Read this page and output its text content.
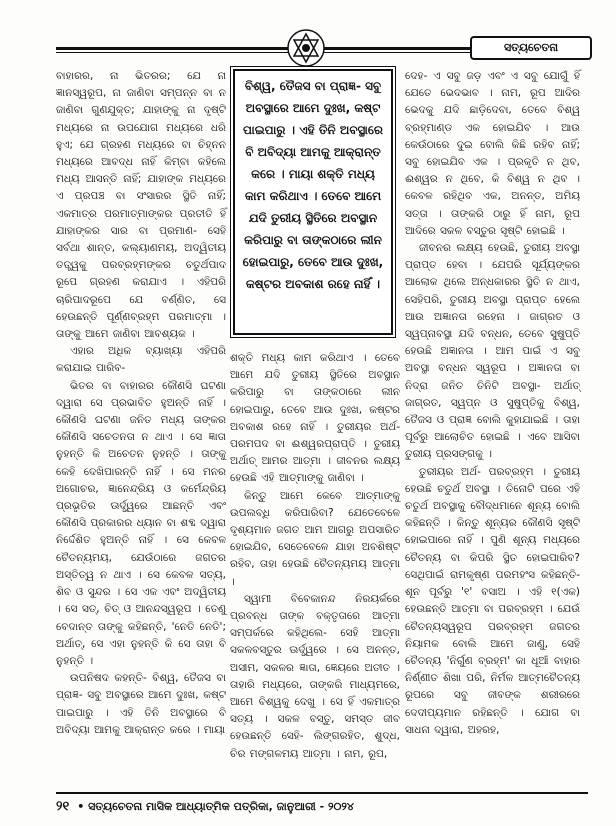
ସତ୍ୟଚେତନା
ବିଶ୍ୱ, ତୈଜସ ବା ପ୍ରାଜ୍ଞ- ସବୁ ଅବସ୍ଥାରେ ଆମେ ଦୁଃଖ, କଷ୍ଟ ପାଇପାରୁ । ଏହି ତିନି ଅବସ୍ଥାରେ ବି ଅବିଦ୍ୟା ଆମକୁ ଆକ୍ରାନ୍ତ କରେ । ମାୟା ଶକ୍ତି ମଧ୍ୟ କାମ କରିଥାଏ । ତେବେ ଆମେ ଯଦି ତୁରୀୟ ସ୍ଥିତିରେ ଅବସ୍ଥାନ କରିପାରୁ ବା ତାଙ୍କଠାରେ ଲୀନ ହୋଇପାରୁ, ତେବେ ଆଉ ଦୁଃଖ, କଷ୍ଟର ଅବକାଶ ରହେ ନାହିଁ ।

ବାହାରର, ନା ଭିତରର; ଯେ ନା ଜ୍ଞାନସ୍ୱରୂପ, ନା ଜାଣିବା ସମ୍ପନ୍ନ ବା ନ ଜାଣିବା ଗୁଣଯୁକ୍ତ; ଯାହାଙ୍କୁ ନା ଦୃଷ୍ଟି ମଧ୍ୟରେ ନା ଉପଯୋଗ ମଧ୍ୟରେ ଧରି ହୁଏ; ଯେ ଗ୍ରହଣ ମଧ୍ୟରେ ବା ଚିହ୍ନନ ମଧ୍ୟରେ ଆବଦ୍ଧ ନାହିଁ କିମ୍ବା କହିଲେ ମଧ୍ୟ ଆସନ୍ତି ନାହିଁ; ଯାହାଙ୍କ ମଧ୍ୟରେ ଏ ପ୍ରପଞ୍ଚ ବା ସଂସାରର ସ୍ଥିତି ନାହିଁ; ଏକମାତ୍ର ପରମାତ୍ମାଙ୍କର ପ୍ରତୀତି ହିଁ ଯାହାଙ୍କର ସାର ବା ପ୍ରମାଣ- ସେହି ସର୍ବଥା ଶାନ୍ତ, କଲ୍ୟାଣମୟ, ଅଦ୍ୱିତୀୟ ତତ୍ତ୍ୱକୁ ପରବ୍ରହ୍ମଙ୍କର ଚତୁର୍ଥପାଦ ରୂପେ ଗ୍ରହଣ କରାଯାଏ । ଏହିପରି ଚାରିପାଦରୂପେ ଯେ ବର୍ଣ୍ଣିତ, ସେ ହେଉଛନ୍ତି ପୂର୍ଣ୍ଣବ୍ରହ୍ମ ପରମାତ୍ମା । ତାଙ୍କୁ ଆମେ ଜାଣିବା ଆବଶ୍ୟକ ।

ଏହାର ଅଧିକ ବ୍ୟାଖ୍ୟା ଏହିପରି କରାଯାଇ ପାରିବ-

ଭିତର ବା ବାହାରର କୌଣସି ଘଟଣା ଦ୍ୱାରା ସେ ପ୍ରଭାବିତ ହୁଅନ୍ତି ନାହିଁ । କୌଣସି ଘଟଣା ଜନିତ ମଧ୍ୟ ତାଙ୍କର କୌଣସି ସଚେତନତା ନ ଥାଏ । ସେ ଜ୍ଞାତା ନୁହନ୍ତି କି ଅଚେତନ ନୁହନ୍ତି । ତାଙ୍କୁ କେହି ଦେଖିପାରନ୍ତି ନାହିଁ । ସେ ମନର ଅଗୋଚର, ଜ୍ଞାନେନ୍ଦ୍ରିୟ ଓ କର୍ମେନ୍ଦ୍ରିୟ ପ୍ରଭୃତିର ଊର୍ଦ୍ଧ୍ୱରେ ଆଛନ୍ତି ଏବଂ କୌଣସି ପ୍ରକାରର ଧ୍ୟାନ ବା ଶବ୍ଦ ଦ୍ୱାରା ନିର୍ଦ୍ଦେଶିତ ହୁଅନ୍ତି ନାହିଁ । ସେ କେବଳ ଚୈତନ୍ୟମୟ, ଯେଉଁଠାରେ ଜଗତର ଅସ୍ତିତ୍ୱ ନ ଥାଏ । ସେ କେବଳ ସତ୍ୟ, ଶିବ ଓ ସୁନ୍ଦର । ସେ ଏକ ଏବଂ ଅଦ୍ୱିତୀୟ । ସେ ସତ୍, ଚିତ୍ ଓ ଆନନ୍ଦସ୍ୱରୂପ । ତେଣୁ ବେଦାନ୍ତ ତାଙ୍କୁ କହିଛନ୍ତି, 'ନେତି ନେତି'; ଅର୍ଥାତ୍, ସେ ଏହା ନୁହନ୍ତି କି ସେ ତାହା ବି ନୁହନ୍ତି ।

ଉପନିଷଦ କହନ୍ତି- ବିଶ୍ୱ, ତୈଜସ ବା ପ୍ରାଜ୍ଞ- ସବୁ ଅବସ୍ଥାରେ ଆମେ ଦୁଃଖ, କଷ୍ଟ ପାଇପାରୁ । ଏହି ତିନି ଅବସ୍ଥାରେ ବି ଅବିଦ୍ୟା ଆମକୁ ଆକ୍ରାନ୍ତ କରେ । ମାୟା

ଶକ୍ତି ମଧ୍ୟ କାମ କରିଥାଏ । ତେବେ ଆମେ ଯଦି ତୁରୀୟ ସ୍ଥିତିରେ ଅବସ୍ଥାନ କରିପାରୁ ବା ତାଙ୍କଠାରେ ଲୀନ ହୋଇପାରୁ, ତେବେ ଆଉ ଦୁଃଖ, କଷ୍ଟର ଅବକାଶ ରହେ ନାହିଁ । ତୁରୀୟର ଅର୍ଥ- ପରମପଦ ବା ଈଶ୍ୱରପ୍ରାପ୍ତି । ତୁରୀୟ ଅର୍ଥାତ୍ ଆମର ଆତ୍ମା । ଜୀବନର ଲକ୍ଷ୍ୟ ହେଉଛି ଏହି ଆତ୍ମାଙ୍କୁ ଜାଣିବା ।

କିନ୍ତୁ ଆମେ କେବେ ଆତ୍ମାଙ୍କୁ ଉପଲବ୍ଧି କରିପାରିବା? ଯେତେବେଳେ ଦୃଶ୍ୟମାନ ଜଗତ ଆମ ଆଗରୁ ଅପସାରିତ ହୋଇଯିବ, ସେତେବେଳେ ଯାହା ଅବଶିଷ୍ଟ ରହିବ, ତାହା ହେଉଛି ଚୈତନ୍ୟମୟ ଆତ୍ମା ।

ସ୍ୱାମୀ ବିବେକାନନ୍ଦ ନିରୟର୍କରେ ପ୍ରବନ୍ଧ ତାଙ୍କ ବକ୍ତୃତାରେ ଆତ୍ମା ସମ୍ପର୍କରେ କହିଥିଲେ- ସେହି ଆତ୍ମା ସକଳବସ୍ତୁର ଊର୍ଦ୍ଧ୍ୱରେ । ସେ ଅନନ୍ତ, ଅସୀମ, ସକଳର ଜ୍ଞାତା, ଜ୍ଞେୟରେ ଅତୀତ । ତାହାରି ମଧ୍ୟରେ, ତାଙ୍କରି ମାଧ୍ୟମରେ, ଆମେ ବିଶ୍ୱକୁ ଦେଖୁ । ସେ ହିଁ ଏକମାତ୍ର ସତ୍ୟ । ସକଳ ବସ୍ତୁ, ସମସ୍ତ ଜୀବ ହେଉଛନ୍ତି ସେହି- ଲିଙ୍ଗରହିତ, ଶୁଦ୍ଧ, ଚିର ମଙ୍ଗଳମୟ ଆତ୍ମା । ନାମ, ରୂପ,

ଦେହ- ଏ ସବୁ ଜଡ଼ ଏବଂ ଏ ସବୁ ଯୋଗୁଁ ହିଁ ଯେତେ ଭେଦଭାବ । ନାମ, ରୂପ ଆଦିର ଭେଦକୁ ଯଦି ଛାଡ଼ିଦେବା, ତେବେ ବିଶ୍ୱ ବ୍ରହ୍ମାଣ୍ଡ ଏକ ହୋଇଯିବ । ଆଉ କେଉଁଠାରେ ଦୁଇ ବୋଲି କିଛି ରହିବ ନାହିଁ; ସବୁ ହୋଇଯିବ ଏକ । ପ୍ରକୃତି ନ ଥିବ, ଈଶ୍ୱର ନ ଥିବେ, କି ବିଶ୍ୱ ନ ଥିବ । କେବଳ ରହିଥିବ ଏକ, ଅନନ୍ତ, ଅମିୟ ସତ୍ତା । ତାଙ୍କରି ଠାରୁ ହିଁ ନାମ, ରୂପ ଆଦିରେ ସକଳ ବସ୍ତୁର ସୃଷ୍ଟି ହୋଇଛି ।

ଜୀବନର ଲକ୍ଷ୍ୟ ହେଉଛି, ତୁରୀୟ ଅବସ୍ଥା ପ୍ରାପ୍ତ ହେବା । ଯେପରି ସୂର୍ଯ୍ୟଙ୍କର ଆଲୋକ ଥିଲେ ଅନ୍ଧକାରର ସ୍ଥିତି ନ ଥାଏ, ସେହିପରି, ତୁରୀୟ ଅବସ୍ଥା ପ୍ରାପ୍ତ ହେଲେ ଆଉ ଅଜ୍ଞାନତା ରହେନା । ଜାଗ୍ରତ ଓ ସ୍ୱପ୍ନାବସ୍ଥା ଯଦି ବନ୍ଧନ, ତେବେ ସୁଷୁପ୍ତି ହେଉଛି ଅଜ୍ଞାନତା । ଆମ ପାଇଁ ଏ ସବୁ ଅବସ୍ଥା ବନ୍ଧନ ସ୍ୱରୂପ । ଅଜ୍ଞାନତା ବା ନିଦ୍ରା ଜନିତ ତିନିଟି ଅବସ୍ଥା- ଅର୍ଥାତ୍ ଜାଗ୍ରତ, ସ୍ୱପ୍ନ ଓ ସୁଷୁପ୍ତିକୁ ବିଶ୍ୱ, ତୈଜସ ଓ ପ୍ରାଜ୍ଞ ବୋଲି କୁହାଯାଇଛି । ତାହା ପୂର୍ବରୁ ଆଲୋଚିତ ହୋଇଛି । ଏବେ ଆସିବା ତୁରୀୟ ପ୍ରସଙ୍ଗକୁ ।

ତୁରୀୟର ଅର୍ଥ- ପରବ୍ରହ୍ମ । ତୁରୀୟ ହେଉଛି ଚତୁର୍ଥ ଅବସ୍ଥା । ତିନୋଟି ପରେ ଏହି ଚତୁର୍ଥ ଅବସ୍ଥାକୁ ବୌଦ୍ଧମାନେ ଶୂନ୍ୟ ବୋଲି କହିଛନ୍ତି । କିନ୍ତୁ ଶୂନ୍ୟର କୌଣସି ସୃଷ୍ଟି ହୋଇପାରେ ନାହିଁ । ପୁଣି ଶୂନ୍ୟ ମଧ୍ୟରେ ଚୈତନ୍ୟ ବା କିପରି ସ୍ଥିତ ହୋଇପାରିବ? ସେଥିପାଇଁ ରାମକୃଷ୍ଣ ପରମହଂସ କହିଛନ୍ତି- ଶୂନ ପୂର୍ବରୁ '୧' ବସାଅ । ଏହି ୧(ଏକ) ହେଉଛନ୍ତି ଆତ୍ମା ବା ପରବ୍ରହ୍ମ । ଯେଉଁ ଚୈତନ୍ୟସ୍ୱରୂପ ପରବ୍ରହ୍ମ ଜଗତର ନିୟାମକ ବୋଲି ଆମେ ଜାଣୁ, ସେହି ଚୈତନ୍ୟ 'ନିର୍ଗୁଣ ବ୍ରହ୍ମ' କା ଧୂଆଁ ବାହାର ନିର୍ଣ୍ଣୀତ ଶିଖା ପରି, ନିର୍ମଳ ଆତ୍ମଚୈତନ୍ୟ ରୂପରେ ସବୁ ଜୀବଙ୍କ ଶରୀରରେ ଦେଦୀପ୍ୟମାନ ରହିଛନ୍ତି । ଯୋଗ ବା ସାଧନା ଦ୍ୱାରା, ଅହରହ,

୨୧ • ସତ୍ୟଚେତନା ମାସିକ ଆଧ୍ୟାତ୍ମିକ ପତ୍ରିକା, ଜାନୁଆରୀ - ୨୦୨୪
